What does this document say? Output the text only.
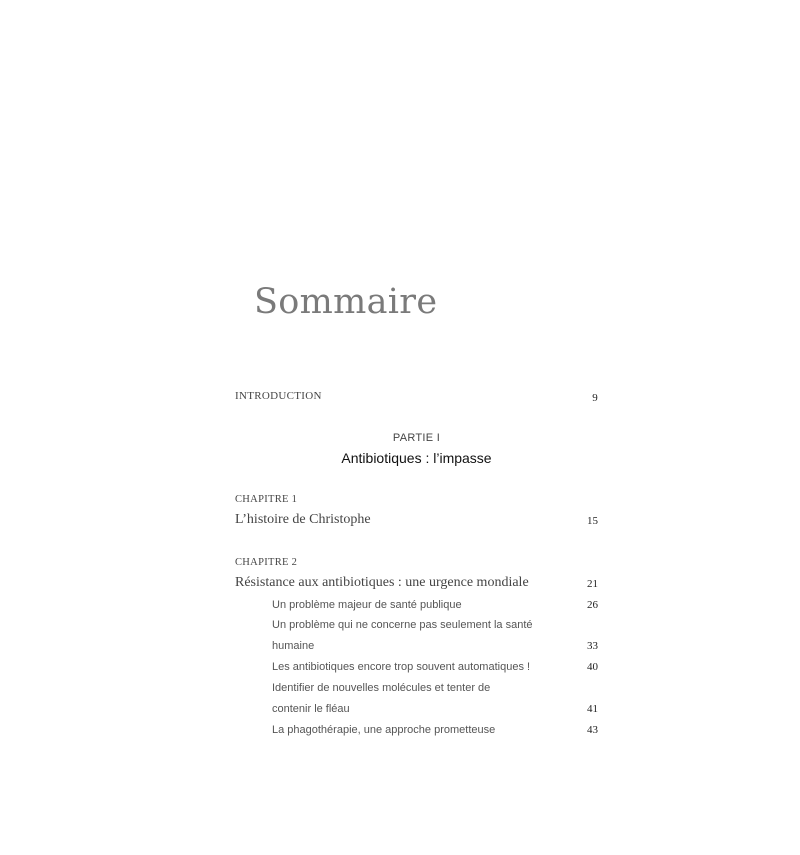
Sommaire
INTRODUCTION	9
PARTIE I
Antibiotiques : l’impasse
CHAPITRE 1
L’histoire de Christophe	15
CHAPITRE 2
Résistance aux antibiotiques : une urgence mondiale	21
Un problème majeur de santé publique	26
Un problème qui ne concerne pas seulement la santé
humaine	33
Les antibiotiques encore trop souvent automatiques !	40
Identifier de nouvelles molécules et tenter de
contenir le fléau	41
La phagothérapie, une approche prometteuse	43
